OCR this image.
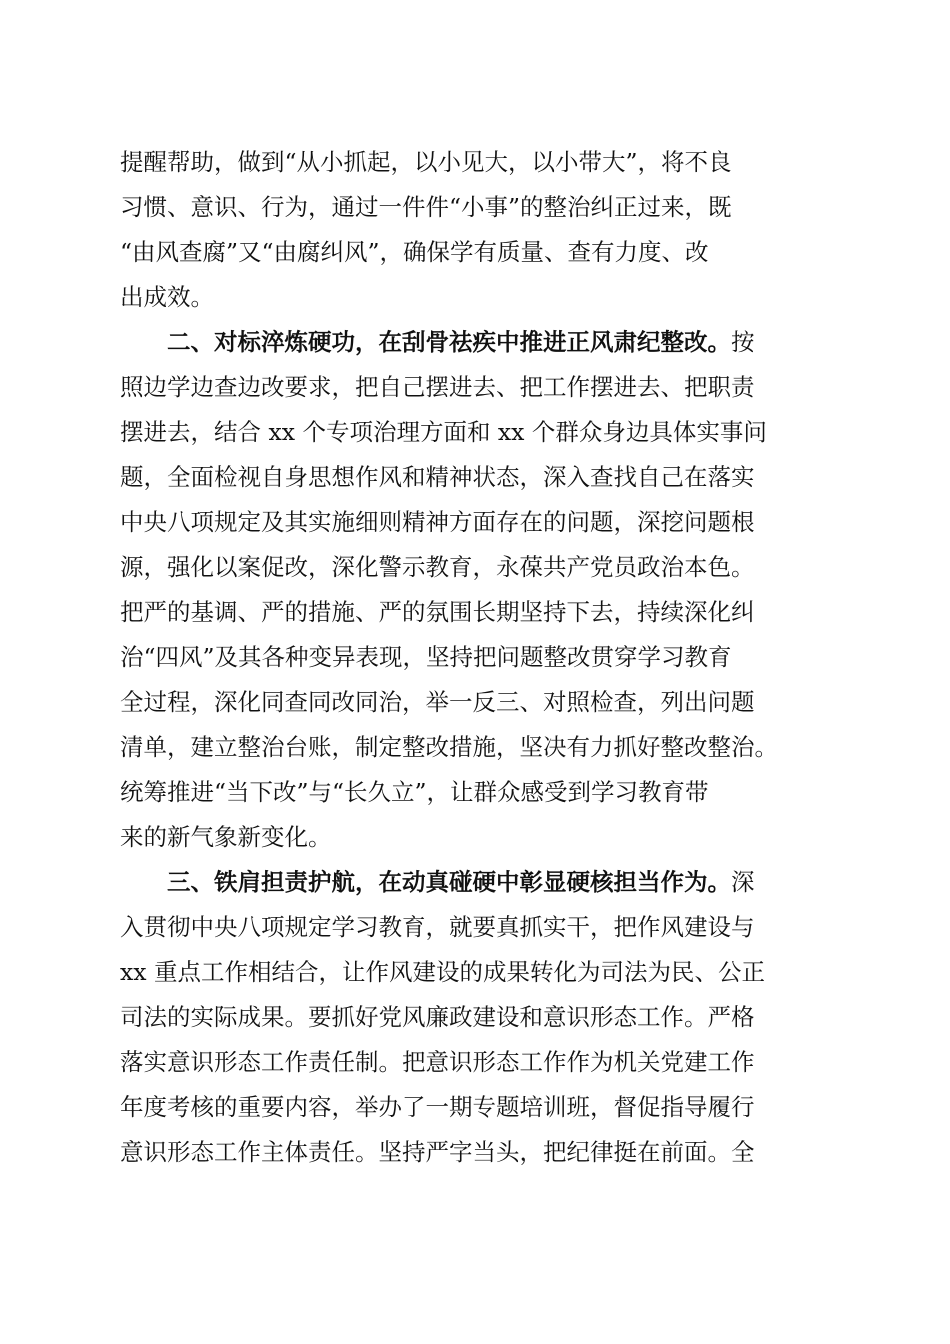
提醒帮助，做到“从小抓起，以小见大，以小带大”，将不良
习惯、意识、行为，通过一件件“小事”的整治纠正过来，既
“由风查腐”又“由腐纠风”，确保学有质量、查有力度、改
出成效。
二、对标淬炼硬功，在刮骨祛疾中推进正风肃纪整改。按
照边学边查边改要求，把自己摆进去、把工作摆进去、把职责
摆进去，结合 xx 个专项治理方面和 xx 个群众身边具体实事问
题，全面检视自身思想作风和精神状态，深入查找自己在落实
中央八项规定及其实施细则精神方面存在的问题，深挖问题根
源，强化以案促改，深化警示教育，永葆共产党员政治本色。
把严的基调、严的措施、严的氛围长期坚持下去，持续深化纠
治“四风”及其各种变异表现，坚持把问题整改贯穿学习教育
全过程，深化同查同改同治，举一反三、对照检查，列出问题
清单，建立整治台账，制定整改措施，坚决有力抓好整改整治。
统筹推进“当下改”与“长久立”，让群众感受到学习教育带
来的新气象新变化。
三、铁肩担责护航，在动真碰硬中彰显硬核担当作为。深
入贯彻中央八项规定学习教育，就要真抓实干，把作风建设与
xx 重点工作相结合，让作风建设的成果转化为司法为民、公正
司法的实际成果。要抓好党风廉政建设和意识形态工作。严格
落实意识形态工作责任制。把意识形态工作作为机关党建工作
年度考核的重要内容，举办了一期专题培训班，督促指导履行
意识形态工作主体责任。坚持严字当头，把纪律挺在前面。全
